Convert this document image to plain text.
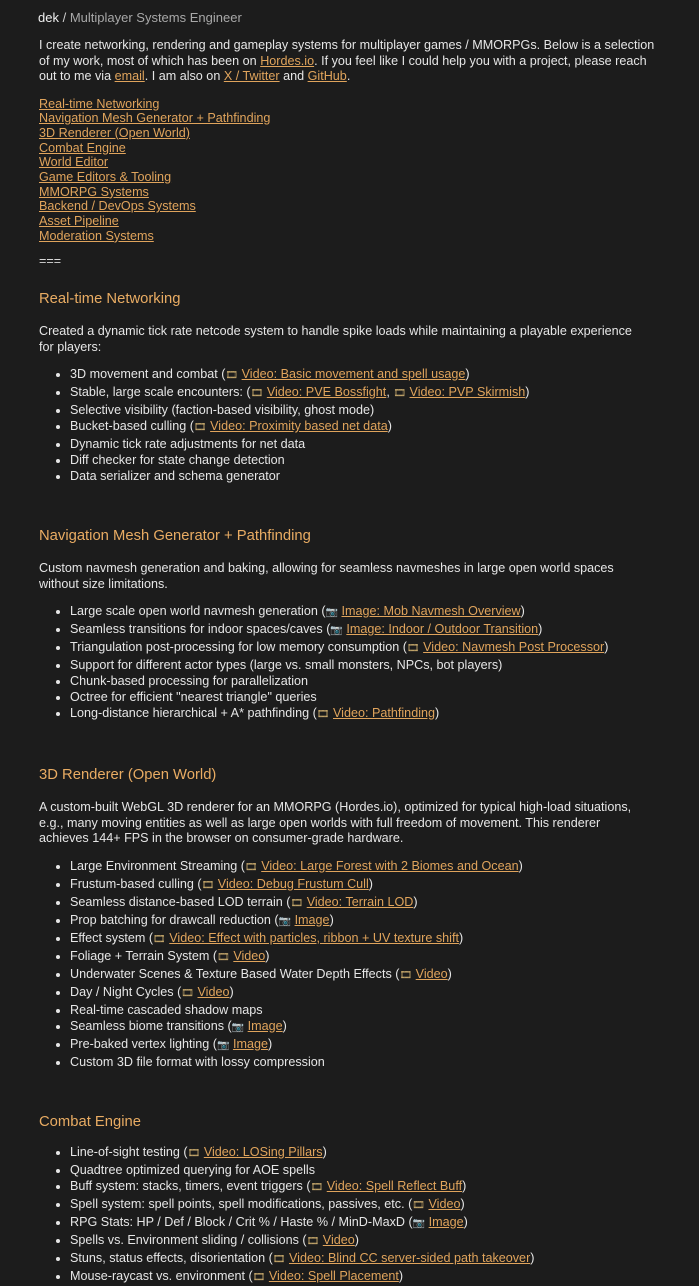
dek / Multiplayer Systems Engineer
I create networking, rendering and gameplay systems for multiplayer games / MMORPGs. Below is a selection of my work, most of which has been on Hordes.io. If you feel like I could help you with a project, please reach out to me via email. I am also on X / Twitter and GitHub.
Real-time Networking
Navigation Mesh Generator + Pathfinding
3D Renderer (Open World)
Combat Engine
World Editor
Game Editors & Tooling
MMORPG Systems
Backend / DevOps Systems
Asset Pipeline
Moderation Systems
===
Real-time Networking

Created a dynamic tick rate netcode system to handle spike loads while maintaining a playable experience for players:

• 3D movement and combat (🎞 Video: Basic movement and spell usage)
• Stable, large scale encounters: (🎞 Video: PVE Bossfight, 🎞 Video: PVP Skirmish)
• Selective visibility (faction-based visibility, ghost mode)
• Bucket-based culling (🎞 Video: Proximity based net data)
• Dynamic tick rate adjustments for net data
• Diff checker for state change detection
• Data serializer and schema generator
Navigation Mesh Generator + Pathfinding

Custom navmesh generation and baking, allowing for seamless navmeshes in large open world spaces without size limitations.

• Large scale open world navmesh generation (📷 Image: Mob Navmesh Overview)
• Seamless transitions for indoor spaces/caves (📷 Image: Indoor / Outdoor Transition)
• Triangulation post-processing for low memory consumption (🎞 Video: Navmesh Post Processor)
• Support for different actor types (large vs. small monsters, NPCs, bot players)
• Chunk-based processing for parallelization
• Octree for efficient "nearest triangle" queries
• Long-distance hierarchical + A* pathfinding (🎞 Video: Pathfinding)
3D Renderer (Open World)

A custom-built WebGL 3D renderer for an MMORPG (Hordes.io), optimized for typical high-load situations, e.g., many moving entities as well as large open worlds with full freedom of movement. This renderer achieves 144+ FPS in the browser on consumer-grade hardware.

• Large Environment Streaming (🎞 Video: Large Forest with 2 Biomes and Ocean)
• Frustum-based culling (🎞 Video: Debug Frustum Cull)
• Seamless distance-based LOD terrain (🎞 Video: Terrain LOD)
• Prop batching for drawcall reduction (📷 Image)
• Effect system (🎞 Video: Effect with particles, ribbon + UV texture shift)
• Foliage + Terrain System (🎞 Video)
• Underwater Scenes & Texture Based Water Depth Effects (🎞 Video)
• Day / Night Cycles (🎞 Video)
• Real-time cascaded shadow maps
• Seamless biome transitions (📷 Image)
• Pre-baked vertex lighting (📷 Image)
• Custom 3D file format with lossy compression
Combat Engine
• Line-of-sight testing (🎞 Video: LOSing Pillars)
• Quadtree optimized querying for AOE spells
• Buff system: stacks, timers, event triggers (🎞 Video: Spell Reflect Buff)
• Spell system: spell points, spell modifications, passives, etc. (🎞 Video)
• RPG Stats: HP / Def / Block / Crit % / Haste % / MinD-MaxD (📷 Image)
• Spells vs. Environment sliding / collisions (🎞 Video)
• Stuns, status effects, disorientation (🎞 Video: Blind CC server-sided path takeover)
• Mouse-raycast vs. environment (🎞 Video: Spell Placement)
